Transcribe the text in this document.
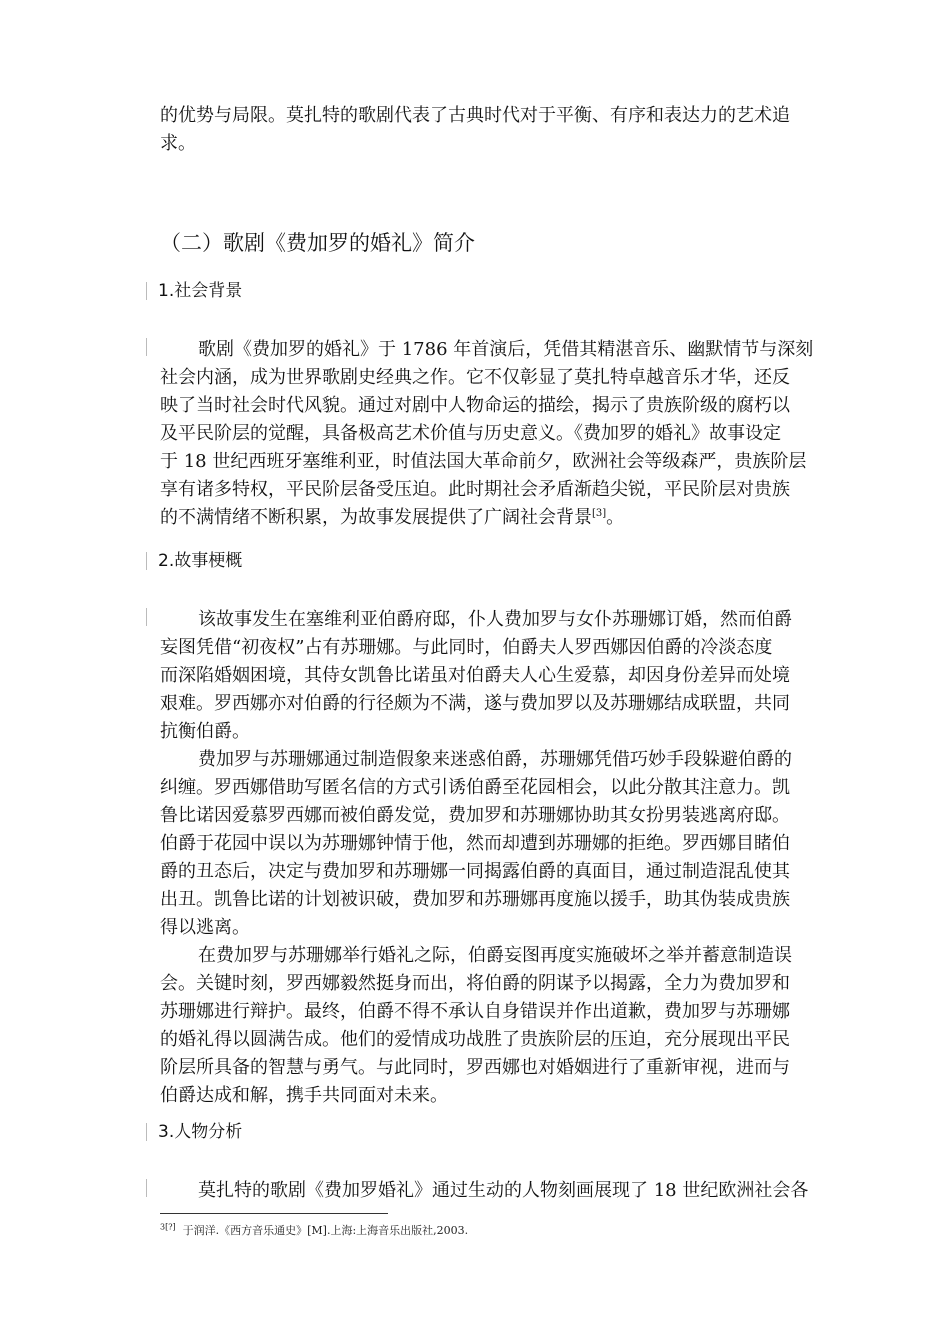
的优势与局限。莫扎特的歌剧代表了古典时代对于平衡、有序和表达力的艺术追
求。
（二）歌剧《费加罗的婚礼》简介
1.社会背景
歌剧《费加罗的婚礼》于 1786 年首演后，凭借其精湛音乐、幽默情节与深刻
社会内涵，成为世界歌剧史经典之作。它不仅彰显了莫扎特卓越音乐才华，还反
映了当时社会时代风貌。通过对剧中人物命运的描绘，揭示了贵族阶级的腐朽以
及平民阶层的觉醒，具备极高艺术价值与历史意义。《费加罗的婚礼》故事设定
于 18 世纪西班牙塞维利亚，时值法国大革命前夕，欧洲社会等级森严，贵族阶层
享有诸多特权，平民阶层备受压迫。此时期社会矛盾渐趋尖锐，平民阶层对贵族
的不满情绪不断积累，为故事发展提供了广阔社会背景[3]。
2.故事梗概
该故事发生在塞维利亚伯爵府邸，仆人费加罗与女仆苏珊娜订婚，然而伯爵
妄图凭借“初夜权”占有苏珊娜。与此同时，伯爵夫人罗西娜因伯爵的冷淡态度
而深陷婚姻困境，其侍女凯鲁比诺虽对伯爵夫人心生爱慕，却因身份差异而处境
艰难。罗西娜亦对伯爵的行径颇为不满，遂与费加罗以及苏珊娜结成联盟，共同
抗衡伯爵。
费加罗与苏珊娜通过制造假象来迷惑伯爵，苏珊娜凭借巧妙手段躲避伯爵的
纠缠。罗西娜借助写匿名信的方式引诱伯爵至花园相会，以此分散其注意力。凯
鲁比诺因爱慕罗西娜而被伯爵发觉，费加罗和苏珊娜协助其女扮男装逃离府邸。
伯爵于花园中误以为苏珊娜钟情于他，然而却遭到苏珊娜的拒绝。罗西娜目睹伯
爵的丑态后，决定与费加罗和苏珊娜一同揭露伯爵的真面目，通过制造混乱使其
出丑。凯鲁比诺的计划被识破，费加罗和苏珊娜再度施以援手，助其伪装成贵族
得以逃离。
在费加罗与苏珊娜举行婚礼之际，伯爵妄图再度实施破坏之举并蓄意制造误
会。关键时刻，罗西娜毅然挺身而出，将伯爵的阴谋予以揭露，全力为费加罗和
苏珊娜进行辩护。最终，伯爵不得不承认自身错误并作出道歉，费加罗与苏珊娜
的婚礼得以圆满告成。他们的爱情成功战胜了贵族阶层的压迫，充分展现出平民
阶层所具备的智慧与勇气。与此同时，罗西娜也对婚姻进行了重新审视，进而与
伯爵达成和解，携手共同面对未来。
3.人物分析
莫扎特的歌剧《费加罗婚礼》通过生动的人物刻画展现了 18 世纪欧洲社会各
$^{3[?]}$ 于润洋.《西方音乐通史》[M].上海:上海音乐出版社,2003.
